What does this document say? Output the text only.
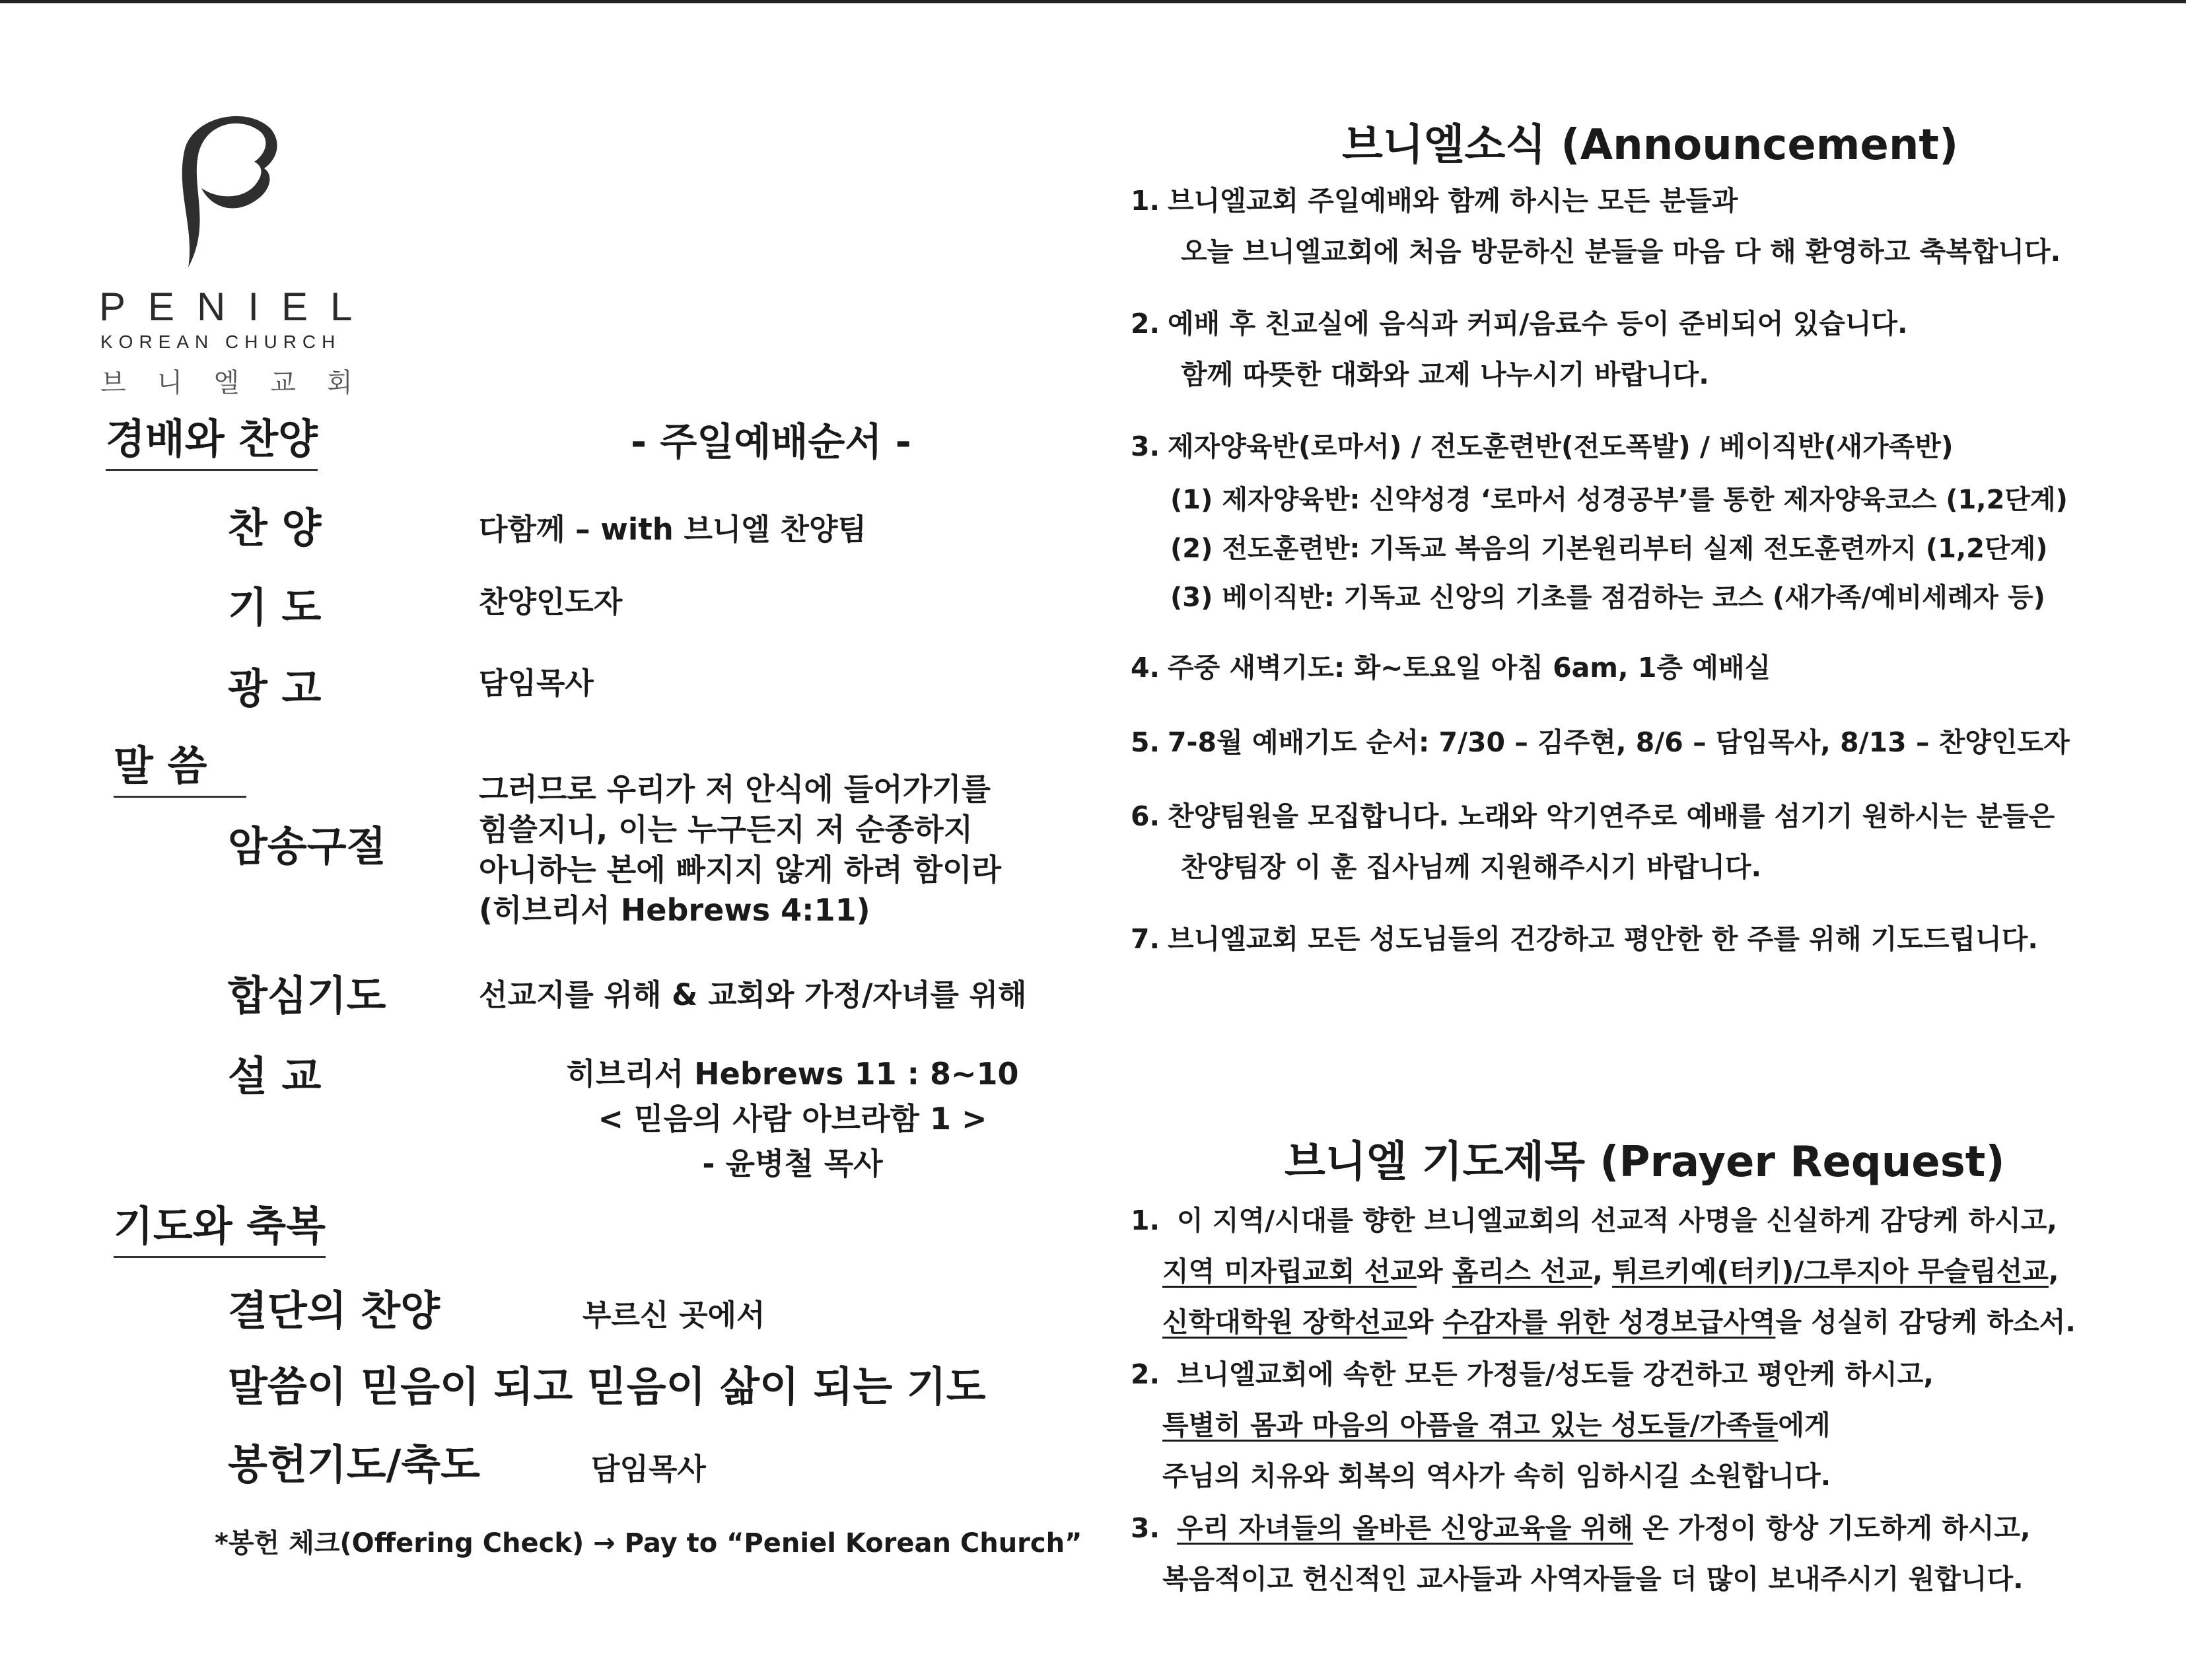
PENIEL
KOREAN CHURCH
브 니 엘 교 회
경배와 찬양	- 주일예배순서 -
찬 양	다함께 – with 브니엘 찬양팀
기 도	찬양인도자
광 고	담임목사
말 씀
암송구절
그러므로 우리가 저 안식에 들어가기를
힘쓸지니, 이는 누구든지 저 순종하지
아니하는 본에 빠지지 않게 하려 함이라
(히브리서 Hebrews 4:11)
합심기도	선교지를 위해 & 교회와 가정/자녀를 위해
설 교	히브리서 Hebrews 11 : 8~10
< 믿음의 사람 아브라함 1 >
- 윤병철 목사
기도와 축복
결단의 찬양	부르신 곳에서
말씀이 믿음이 되고 믿음이 삶이 되는 기도
봉헌기도/축도	담임목사
*봉헌 체크(Offering Check) → Pay to “Peniel Korean Church”
브니엘소식 (Announcement)
1. 브니엘교회 주일예배와 함께 하시는 모든 분들과
오늘 브니엘교회에 처음 방문하신 분들을 마음 다 해 환영하고 축복합니다.
2. 예배 후 친교실에 음식과 커피/음료수 등이 준비되어 있습니다.
함께 따뜻한 대화와 교제 나누시기 바랍니다.
3. 제자양육반(로마서) / 전도훈련반(전도폭발) / 베이직반(새가족반)
(1) 제자양육반: 신약성경 ‘로마서 성경공부’를 통한 제자양육코스 (1,2단계)
(2) 전도훈련반: 기독교 복음의 기본원리부터 실제 전도훈련까지 (1,2단계)
(3) 베이직반: 기독교 신앙의 기초를 점검하는 코스 (새가족/예비세례자 등)
4. 주중 새벽기도: 화~토요일 아침 6am, 1층 예배실
5. 7-8월 예배기도 순서: 7/30 – 김주현, 8/6 – 담임목사, 8/13 – 찬양인도자
6. 찬양팀원을 모집합니다. 노래와 악기연주로 예배를 섬기기 원하시는 분들은
찬양팀장 이 훈 집사님께 지원해주시기 바랍니다.
7. 브니엘교회 모든 성도님들의 건강하고 평안한 한 주를 위해 기도드립니다.
브니엘 기도제목 (Prayer Request)
1. 이 지역/시대를 향한 브니엘교회의 선교적 사명을 신실하게 감당케 하시고,
지역 미자립교회 선교와 홈리스 선교, 튀르키예(터키)/그루지아 무슬림선교,
신학대학원 장학선교와 수감자를 위한 성경보급사역을 성실히 감당케 하소서.
2. 브니엘교회에 속한 모든 가정들/성도들 강건하고 평안케 하시고,
특별히 몸과 마음의 아픔을 겪고 있는 성도들/가족들에게
주님의 치유와 회복의 역사가 속히 임하시길 소원합니다.
3. 우리 자녀들의 올바른 신앙교육을 위해 온 가정이 항상 기도하게 하시고,
복음적이고 헌신적인 교사들과 사역자들을 더 많이 보내주시기 원합니다.
